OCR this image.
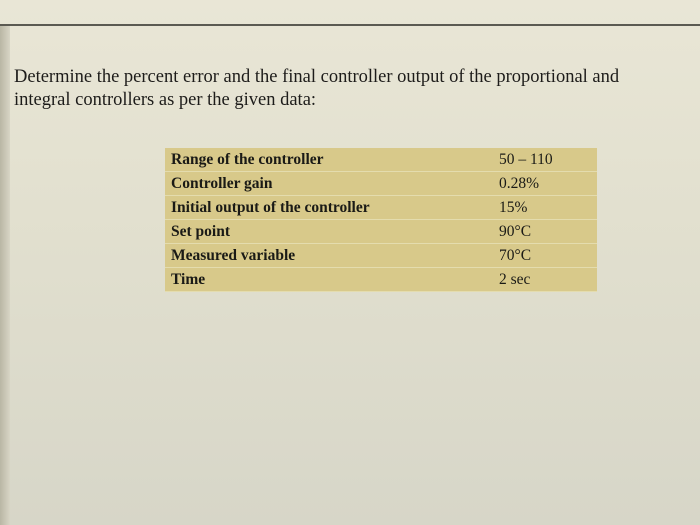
Determine the percent error and the final controller output of the proportional and
integral controllers as per the given data:
Range of the controller		50 – 110
Controller gain		0.28%
Initial output of the controller		15%
Set point		90°C
Measured variable		70°C
Time		2 sec
